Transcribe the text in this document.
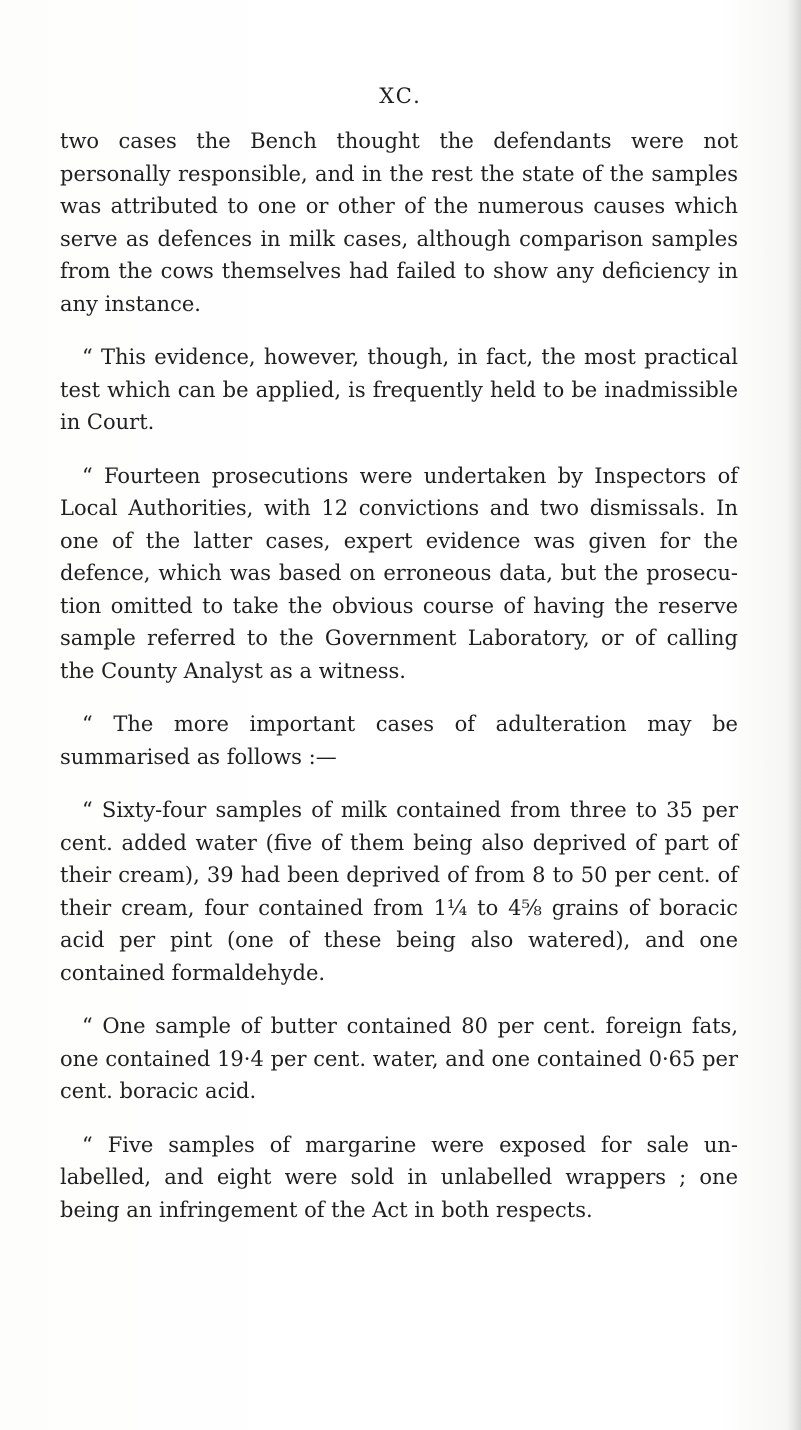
XC.

two cases the Bench thought the defendants were not personally responsible, and in the rest the state of the samples was attributed to one or other of the numerous causes which serve as defences in milk cases, although comparison samples from the cows themselves had failed to show any deficiency in any instance.

“ This evidence, however, though, in fact, the most practical test which can be applied, is frequently held to be inadmissible in Court.

“ Fourteen prosecutions were undertaken by Inspectors of Local Authorities, with 12 convictions and two dismissals. In one of the latter cases, expert evidence was given for the defence, which was based on erroneous data, but the prosecu- tion omitted to take the obvious course of having the reserve sample referred to the Government Laboratory, or of calling the County Analyst as a witness.

“ The more important cases of adulteration may be summarised as follows :—

“ Sixty-four samples of milk contained from three to 35 per cent. added water (five of them being also deprived of part of their cream), 39 had been deprived of from 8 to 50 per cent. of their cream, four contained from 1¼ to 4⅝ grains of boracic acid per pint (one of these being also watered), and one contained formaldehyde.

“ One sample of butter contained 80 per cent. foreign fats, one contained 19·4 per cent. water, and one contained 0·65 per cent. boracic acid.

“ Five samples of margarine were exposed for sale un- labelled, and eight were sold in unlabelled wrappers ; one being an infringement of the Act in both respects.
